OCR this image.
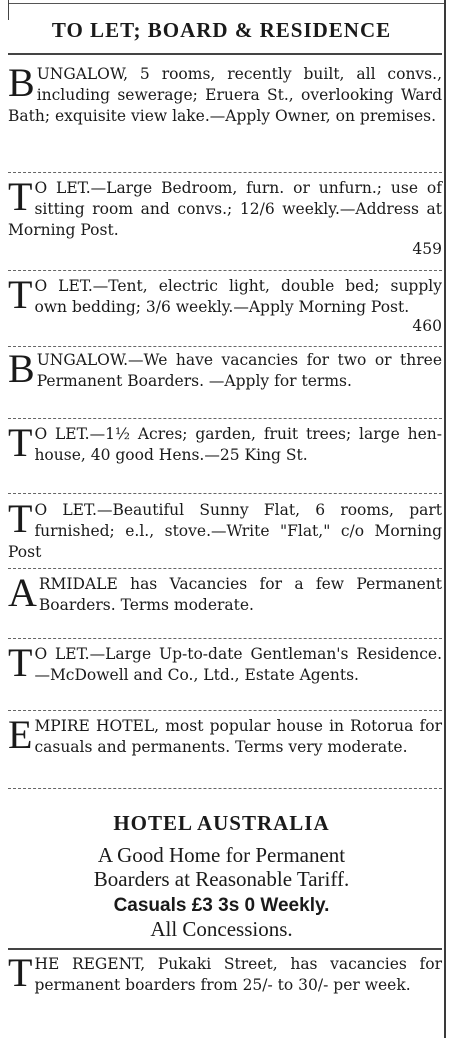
TO LET; BOARD & RESIDENCE
B UNGALOW, 5 rooms, recently built, all convs., including sewerage; Eruera St., overlooking Ward Bath; exquisite view lake.—Apply Owner, on premises.
T O LET.—Large Bedroom, furn. or unfurn.; use of sitting room and convs.; 12/6 weekly.—Address at Morning Post.
459
T O LET.—Tent, electric light, double bed; supply own bedding; 3/6 weekly.—Apply Morning Post.
460
B UNGALOW.—We have vacancies for two or three Permanent Boarders. —Apply for terms.
T O LET.—1½ Acres; garden, fruit trees; large hen-house, 40 good Hens.—25 King St.
T O LET.—Beautiful Sunny Flat, 6 rooms, part furnished; e.l., stove.—Write "Flat," c/o Morning Post
A RMIDALE has Vacancies for a few Permanent Boarders. Terms moderate.
T O LET.—Large Up-to-date Gentleman's Residence.—McDowell and Co., Ltd., Estate Agents.
E MPIRE HOTEL, most popular house in Rotorua for casuals and permanents. Terms very moderate.
HOTEL AUSTRALIA
A Good Home for Permanent
Boarders at Reasonable Tariff.
Casuals £3 3s 0 Weekly.
All Concessions.
T HE REGENT, Pukaki Street, has vacancies for permanent boarders from 25/- to 30/- per week.
